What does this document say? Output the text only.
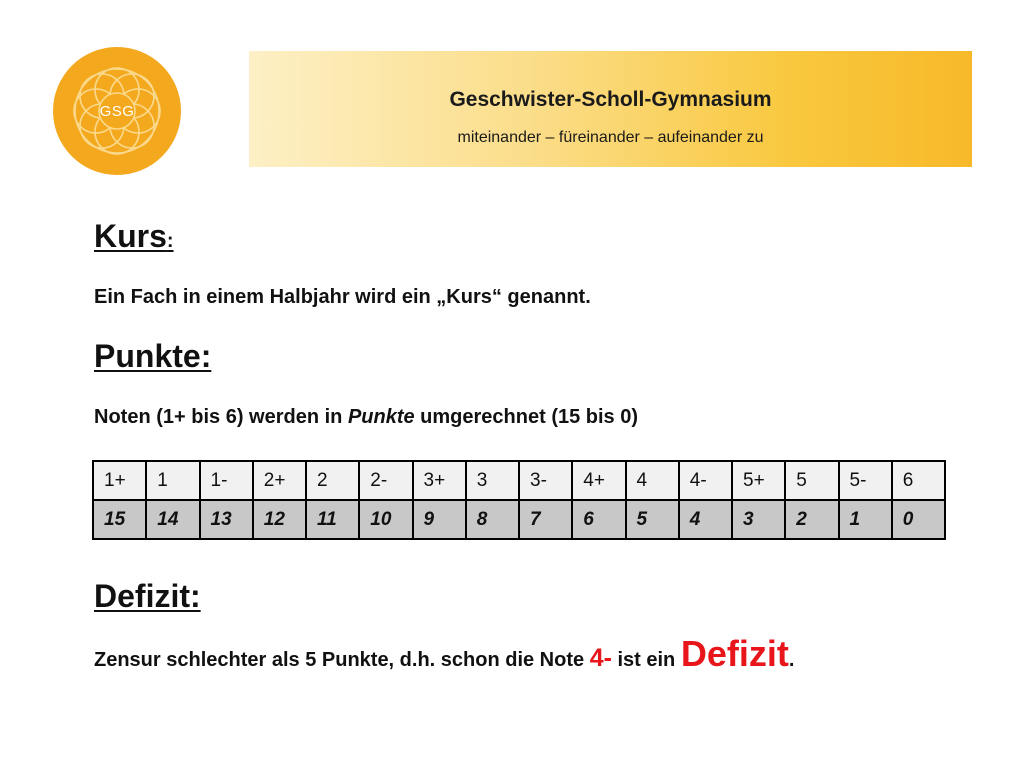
GSG	Geschwister-Scholl-Gymnasium
miteinander – füreinander – aufeinander zu
Kurs:
Ein Fach in einem Halbjahr wird ein „Kurs“ genannt.
Punkte:
Noten (1+ bis 6) werden in Punkte umgerechnet (15 bis 0)
1+	1	1-	2+	2	2-	3+	3	3-	4+	4	4-	5+	5	5-	6
15	14	13	12	11	10	9	8	7	6	5	4	3	2	1	0
Defizit:
Zensur schlechter als 5 Punkte, d.h. schon die Note 4- ist ein Defizit.
